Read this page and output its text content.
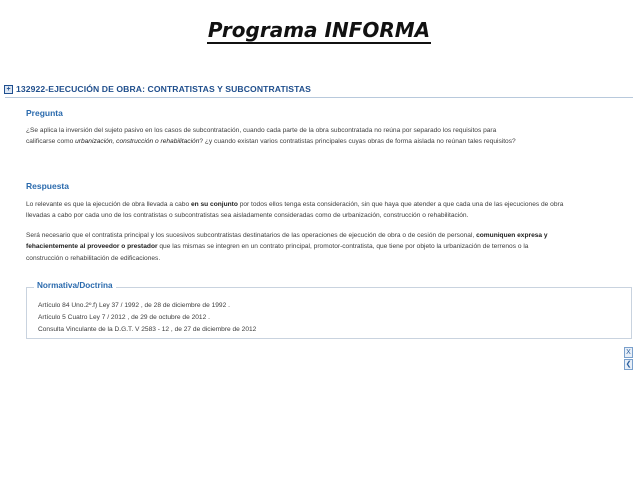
Programa INFORMA
+ 132922-EJECUCIÓN DE OBRA: CONTRATISTAS Y SUBCONTRATISTAS
Pregunta

¿Se aplica la inversión del sujeto pasivo en los casos de subcontratación, cuando cada parte de la obra subcontratada no reúna por separado los requisitos para
calificarse como urbanización, construcción o rehabilitación? ¿y cuando existan varios contratistas principales cuyas obras de forma aislada no reúnan tales requisitos?

Respuesta

Lo relevante es que la ejecución de obra llevada a cabo en su conjunto por todos ellos tenga esta consideración, sin que haya que atender a que cada una de las ejecuciones de obra
llevadas a cabo por cada uno de los contratistas o subcontratistas sea aisladamente consideradas como de urbanización, construcción o rehabilitación.

Será necesario que el contratista principal y los sucesivos subcontratistas destinatarios de las operaciones de ejecución de obra o de cesión de personal, comuniquen expresa y
fehacientemente al proveedor o prestador que las mismas se integren en un contrato principal, promotor-contratista, que tiene por objeto la urbanización de terrenos o la
construcción o rehabilitación de edificaciones.

Normativa/Doctrina
Artículo 84 Uno.2º.f) Ley 37 / 1992 , de 28 de diciembre de 1992 .
Artículo 5 Cuatro Ley 7 / 2012 , de 29 de octubre de 2012 .
Consulta Vinculante de la D.G.T. V 2583 - 12 , de 27 de diciembre de 2012
X
❮
